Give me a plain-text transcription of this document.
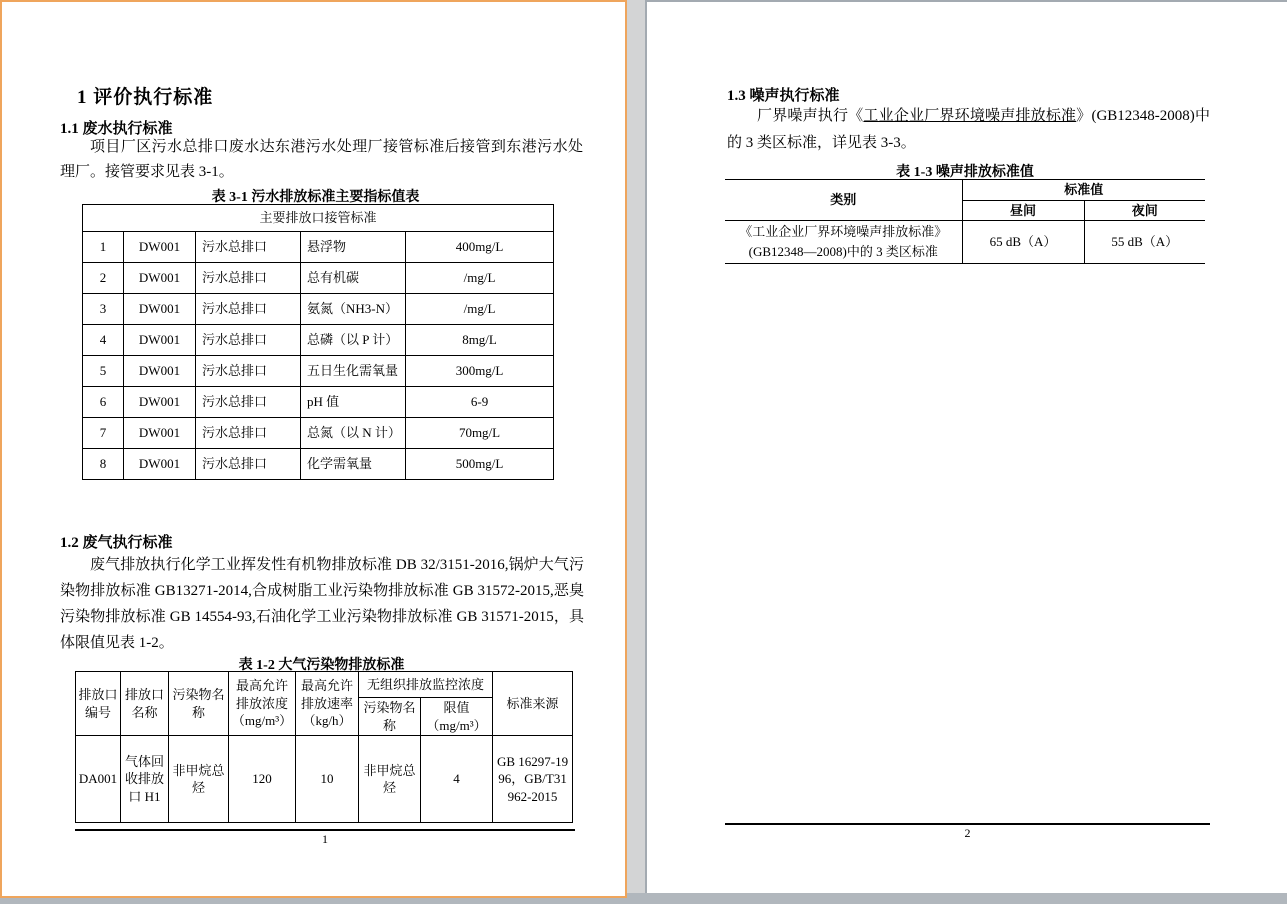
1 评价执行标准
1.1 废水执行标准

项目厂区污水总排口废水达东港污水处理厂接管标准后接管到东港污水处理厂。接管要求见表 3-1。

表 3-1 污水排放标准主要指标值表
主要排放口接管标准				
1	DW001	污水总排口	悬浮物	400mg/L
2	DW001	污水总排口	总有机碳	/mg/L
3	DW001	污水总排口	氨氮（NH3-N）	/mg/L
4	DW001	污水总排口	总磷（以 P 计）	8mg/L
5	DW001	污水总排口	五日生化需氧量	300mg/L
6	DW001	污水总排口	pH 值	6-9
7	DW001	污水总排口	总氮（以 N 计）	70mg/L
8	DW001	污水总排口	化学需氧量	500mg/L
1.2 废气执行标准

废气排放执行化学工业挥发性有机物排放标准 DB 32/3151-2016,锅炉大气污染物排放标准 GB13271-2014,合成树脂工业污染物排放标准 GB 31572-2015,恶臭污染物排放标准 GB 14554-93,石油化学工业污染物排放标准 GB 31571-2015，具体限值见表 1-2。

表 1-2 大气污染物排放标准
排放口编号	排放口名称	污染物名称	最高允许排放浓度（mg/m³）	最高允许排放速率（kg/h）	无组织排放监控浓度		标准来源
					污染物名称	限值（mg/m³）	
DA001	气体回收排放口 H1	非甲烷总烃	120	10	非甲烷总烃	4	GB 16297-1996，GB/T31962-2015
1
1.3 噪声执行标准

厂界噪声执行《工业企业厂界环境噪声排放标准》(GB12348-2008)中的 3 类区标准，详见表 3-3。

表 1-3 噪声排放标准值
类别	标准值	
	昼间	夜间

《工业企业厂界环境噪声排放标准》
(GB12348—2008)中的 3 类区标准	65 dB（A）	55 dB（A）
2
